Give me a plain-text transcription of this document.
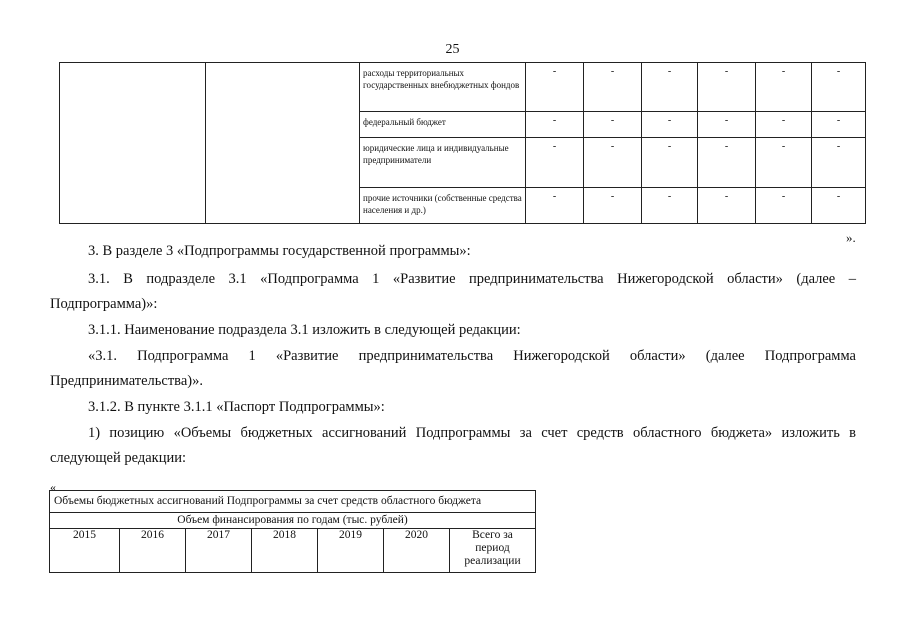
25
		расходы территориальных государственных внебюджетных фондов	-	-	-	-	-	-
		федеральный бюджет	-	-	-	-	-	-
		юридические лица и индивидуальные предприниматели	-	-	-	-	-	-
		прочие источники (собственные средства населения и др.)	-	-	-	-	-	-
».
3. В разделе 3 «Подпрограммы государственной программы»:
3.1. В подразделе 3.1 «Подпрограмма 1 «Развитие предпринимательства Нижегородской области» (далее –
Подпрограмма)»:
3.1.1. Наименование подраздела 3.1 изложить в следующей редакции:
«3.1. Подпрограмма 1 «Развитие предпринимательства Нижегородской области» (далее Подпрограмма
Предпринимательства)».
3.1.2. В пункте 3.1.1 «Паспорт Подпрограммы»:
1) позицию «Объемы бюджетных ассигнований Подпрограммы за счет средств областного бюджета» изложить в
следующей редакции:
«
Объемы бюджетных ассигнований Подпрограммы за счет средств областного бюджета
Объем финансирования по годам (тыс. рублей)
2015	2016	2017	2018	2019	2020	Всего за период реализации
